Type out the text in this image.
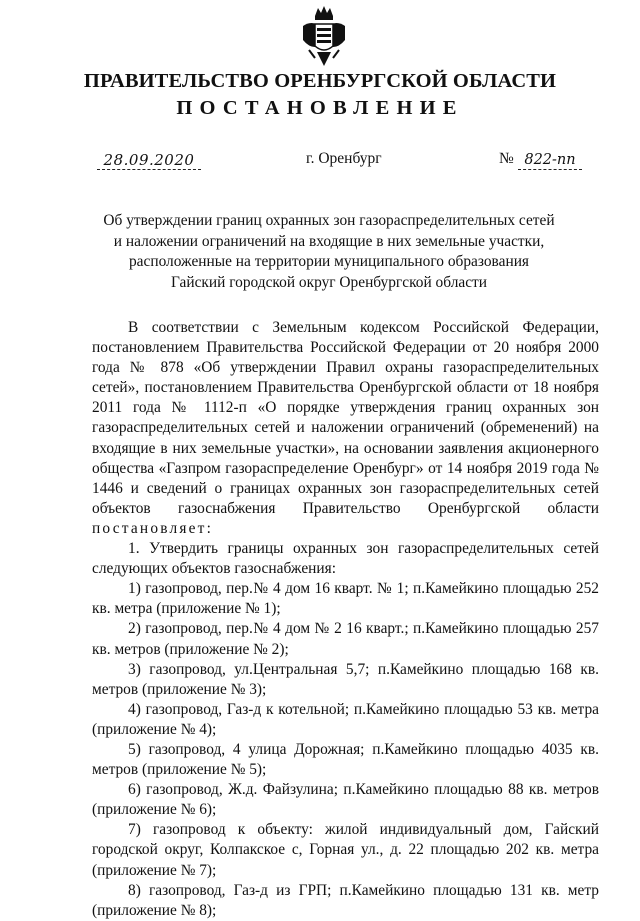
ПРАВИТЕЛЬСТВО ОРЕНБУРГСКОЙ ОБЛАСТИ
ПОСТАНОВЛЕНИЕ
28.09.2020	г. Оренбург	№ 822-пп
Об утверждении границ охранных зон газораспределительных сетей
и наложении ограничений на входящие в них земельные участки,
расположенные на территории муниципального образования
Гайский городской округ Оренбургской области

В соответствии с Земельным кодексом Российской Федерации, постановлением Правительства Российской Федерации от 20 ноября 2000 года № 878 «Об утверждении Правил охраны газораспределительных сетей», постановлением Правительства Оренбургской области от 18 ноября 2011 года № 1112-п «О порядке утверждения границ охранных зон газораспределительных сетей и наложении ограничений (обременений) на входящие в них земельные участки», на основании заявления акционерного общества «Газпром газораспределение Оренбург» от 14 ноября 2019 года № 1446 и сведений о границах охранных зон газораспределительных сетей объектов газоснабжения Правительство Оренбургской области постановляет:

1. Утвердить границы охранных зон газораспределительных сетей следующих объектов газоснабжения:

1) газопровод, пер.№ 4 дом 16 кварт. № 1; п.Камейкино площадью 252 кв. метра (приложение № 1);

2) газопровод, пер.№ 4 дом № 2 16 кварт.; п.Камейкино площадью 257 кв. метров (приложение № 2);

3) газопровод, ул.Центральная 5,7; п.Камейкино площадью 168 кв. метров (приложение № 3);

4) газопровод, Газ-д к котельной; п.Камейкино площадью 53 кв. метра (приложение № 4);

5) газопровод, 4 улица Дорожная; п.Камейкино площадью 4035 кв. метров (приложение № 5);

6) газопровод, Ж.д. Файзулина; п.Камейкино площадью 88 кв. метров (приложение № 6);

7) газопровод к объекту: жилой индивидуальный дом, Гайский городской округ, Колпакское с, Горная ул., д. 22 площадью 202 кв. метра (приложение № 7);

8) газопровод, Газ-д из ГРП; п.Камейкино площадью 131 кв. метр (приложение № 8);
